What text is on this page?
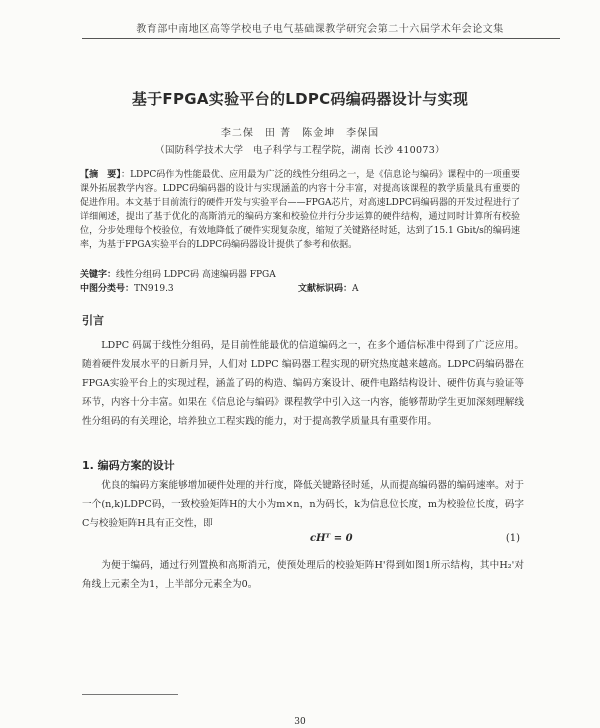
教育部中南地区高等学校电子电气基础课教学研究会第二十六届学术年会论文集
基于FPGA实验平台的LDPC码编码器设计与实现
李二保　田 菁　陈金坤　李保国
（国防科学技术大学　电子科学与工程学院，湖南 长沙 410073）
【摘　要】：LDPC码作为性能最优、应用最为广泛的线性分组码之一，是《信息论与编码》课程中的一项重要课外拓展教学内容。LDPC码编码器的设计与实现涵盖的内容十分丰富，对提高该课程的教学质量具有重要的促进作用。本文基于目前流行的硬件开发与实验平台——FPGA芯片，对高速LDPC码编码器的开发过程进行了详细阐述，提出了基于优化的高斯消元的编码方案和校验位并行分步运算的硬件结构，通过同时计算所有校验位，分步处理每个校验位，有效地降低了硬件实现复杂度，缩短了关键路径时延，达到了15.1 Gbit/s的编码速率，为基于FPGA实验平台的LDPC码编码器设计提供了参考和依据。
关键字：线性分组码 LDPC码 高速编码器 FPGA
中图分类号：TN919.3	文献标识码：A
引言
LDPC 码属于线性分组码，是目前性能最优的信道编码之一，在多个通信标准中得到了广泛应用。随着硬件发展水平的日新月异，人们对 LDPC 编码器工程实现的研究热度越来越高。LDPC码编码器在FPGA实验平台上的实现过程，涵盖了码的构造、编码方案设计、硬件电路结构设计、硬件仿真与验证等环节，内容十分丰富。如果在《信息论与编码》课程教学中引入这一内容，能够帮助学生更加深刻理解线性分组码的有关理论，培养独立工程实践的能力，对于提高教学质量具有重要作用。
1. 编码方案的设计
优良的编码方案能够增加硬件处理的并行度，降低关键路径时延，从而提高编码器的编码速率。对于一个(n,k)LDPC码，一致校验矩阵H的大小为m×n，n为码长，k为信息位长度，m为校验位长度，码字C与校验矩阵H具有正交性，即
cHᵀ = 0	(1)
为便于编码，通过行列置换和高斯消元，使预处理后的校验矩阵H'得到如图1所示结构，其中H₂'对角线上元素全为1，上半部分元素全为0。
30
